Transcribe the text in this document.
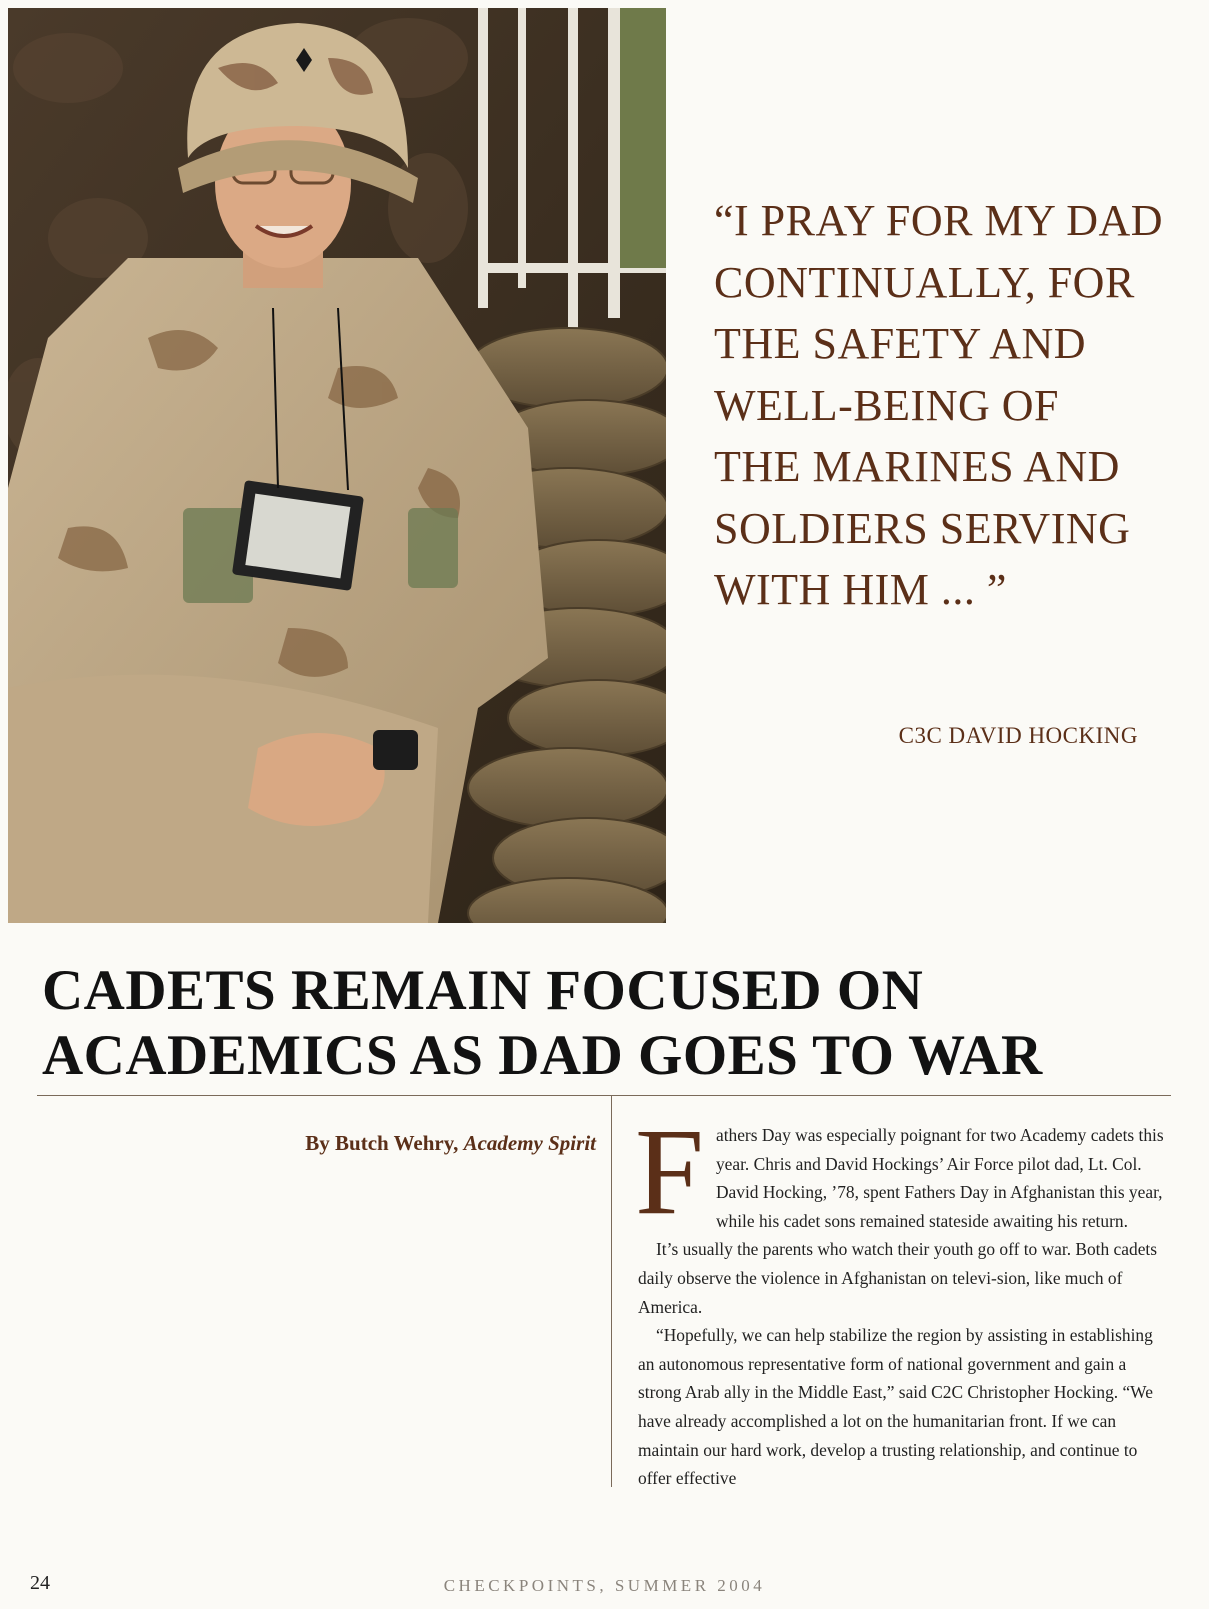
“I PRAY FOR MY DAD
CONTINUALLY, FOR
THE SAFETY AND
WELL-BEING OF
THE MARINES AND
SOLDIERS SERVING
WITH HIM ... ”
C3C DAVID HOCKING
CADETS REMAIN FOCUSED ON
ACADEMICS AS DAD GOES TO WAR
By Butch Wehry, Academy Spirit Fathers Day was especially poignant for two Academy cadets this year. Chris and David Hockings’ Air Force pilot dad, Lt. Col. David Hocking, ’78, spent Fathers Day in Afghanistan this year, while his cadet sons remained stateside awaiting his return.

It’s usually the parents who watch their youth go off to war. Both cadets daily observe the violence in Afghanistan on televi-sion, like much of America.

“Hopefully, we can help stabilize the region by assisting in establishing an autonomous representative form of national government and gain a strong Arab ally in the Middle East,” said C2C Christopher Hocking. “We have already accomplished a lot on the humanitarian front. If we can maintain our hard work, develop a trusting relationship, and continue to offer effective

24	CHECKPOINTS, SUMMER 2004
